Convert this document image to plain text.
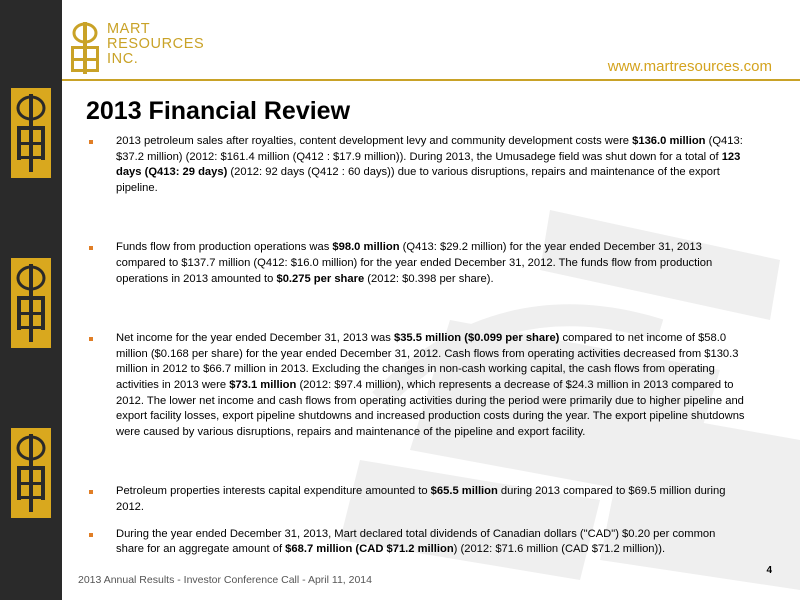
MART
RESOURCES
INC.	www.martresources.com
2013 Financial Review
2013 petroleum sales after royalties, content development levy and community development costs were $136.0 million (Q413: $37.2 million) (2012: $161.4 million (Q412 : $17.9 million)). During 2013, the Umusadege field was shut down for a total of 123 days (Q413: 29 days) (2012: 92 days (Q412 : 60 days)) due to various disruptions, repairs and maintenance of the export pipeline.
Funds flow from production operations was $98.0 million (Q413: $29.2 million) for the year ended December 31, 2013 compared to $137.7 million (Q412: $16.0 million) for the year ended December 31, 2012. The funds flow from production operations in 2013 amounted to $0.275 per share (2012: $0.398 per share).
Net income for the year ended December 31, 2013 was $35.5 million ($0.099 per share) compared to net income of $58.0 million ($0.168 per share) for the year ended December 31, 2012. Cash flows from operating activities decreased from $130.3 million in 2012 to $66.7 million in 2013. Excluding the changes in non-cash working capital, the cash flows from operating activities in 2013 were $73.1 million (2012: $97.4 million), which represents a decrease of $24.3 million in 2013 compared to 2012. The lower net income and cash flows from operating activities during the period were primarily due to higher pipeline and export facility losses, export pipeline shutdowns and increased production costs during the year. The export pipeline shutdowns were caused by various disruptions, repairs and maintenance of the pipeline and export facility.
Petroleum properties interests capital expenditure amounted to $65.5 million during 2013 compared to $69.5 million during 2012.
During the year ended December 31, 2013, Mart declared total dividends of Canadian dollars ("CAD") $0.20 per common share for an aggregate amount of $68.7 million (CAD $71.2 million) (2012: $71.6 million (CAD $71.2 million)).
2013 Annual Results - Investor Conference Call - April 11, 2014
4
